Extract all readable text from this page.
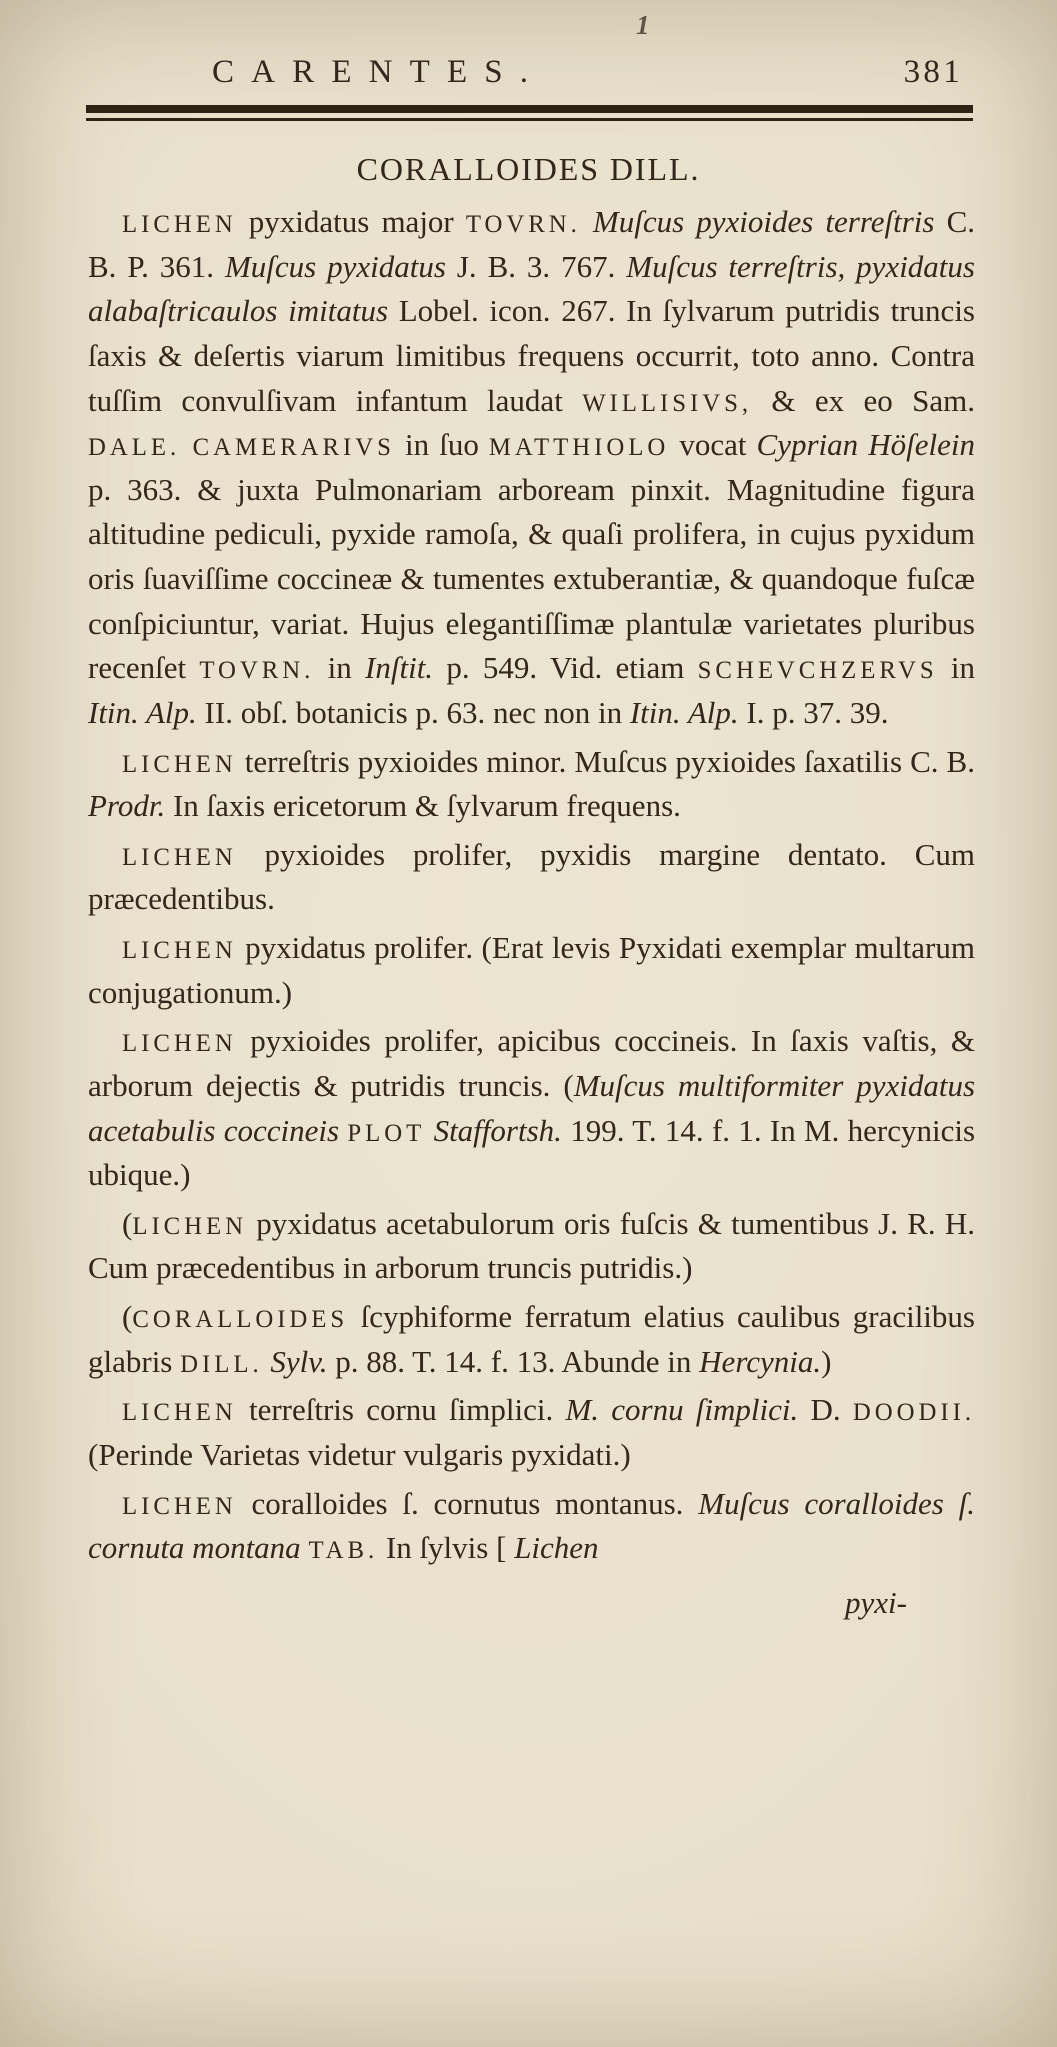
1
CARENTES.	381
CORALLOIDES DILL.

LICHEN pyxidatus major TOVRN. Muſcus pyxioides terreſtris C. B. P. 361. Muſcus pyxidatus J. B. 3. 767. Muſcus terreſtris, pyxidatus alabaſtricaulos imitatus Lobel. icon. 267. In ſylvarum putridis truncis ſaxis & deſertis viarum limitibus frequens occurrit, toto anno. Contra tuſſim convulſivam infantum laudat WILLISIVS, & ex eo Sam. DALE. CAMERARIVS in ſuo MATTHIOLO vocat Cyprian Höſelein p. 363. & juxta Pulmonariam arboream pinxit. Magnitudine figura altitudine pediculi, pyxide ramoſa, & quaſi prolifera, in cujus pyxidum oris ſuaviſſime coccineæ & tumentes extuberantiæ, & quandoque fuſcæ conſpiciuntur, variat. Hujus elegantiſſimæ plantulæ varietates pluribus recenſet TOVRN. in Inſtit. p. 549. Vid. etiam SCHEVCHZERVS in Itin. Alp. II. obſ. botanicis p. 63. nec non in Itin. Alp. I. p. 37. 39.

LICHEN terreſtris pyxioides minor. Muſcus pyxioides ſaxatilis C. B. Prodr. In ſaxis ericetorum & ſylvarum frequens.

LICHEN pyxioides prolifer, pyxidis margine dentato. Cum præcedentibus.

LICHEN pyxidatus prolifer. (Erat levis Pyxidati exemplar multarum conjugationum.)

LICHEN pyxioides prolifer, apicibus coccineis. In ſaxis vaſtis, & arborum dejectis & putridis truncis. (Muſcus multiformiter pyxidatus acetabulis coccineis PLOT Staffortsh. 199. T. 14. f. 1. In M. hercynicis ubique.)

(LICHEN pyxidatus acetabulorum oris fuſcis & tumentibus J. R. H. Cum præcedentibus in arborum truncis putridis.)

(CORALLOIDES ſcyphiforme ferratum elatius caulibus gracilibus glabris DILL. Sylv. p. 88. T. 14. f. 13. Abunde in Hercynia.)

LICHEN terreſtris cornu ſimplici. M. cornu ſimplici. D. DOODII. (Perinde Varietas videtur vulgaris pyxidati.)

LICHEN coralloides ſ. cornutus montanus. Muſcus coralloides ſ. cornuta montana TAB. In ſylvis [ Lichen

pyxi-
